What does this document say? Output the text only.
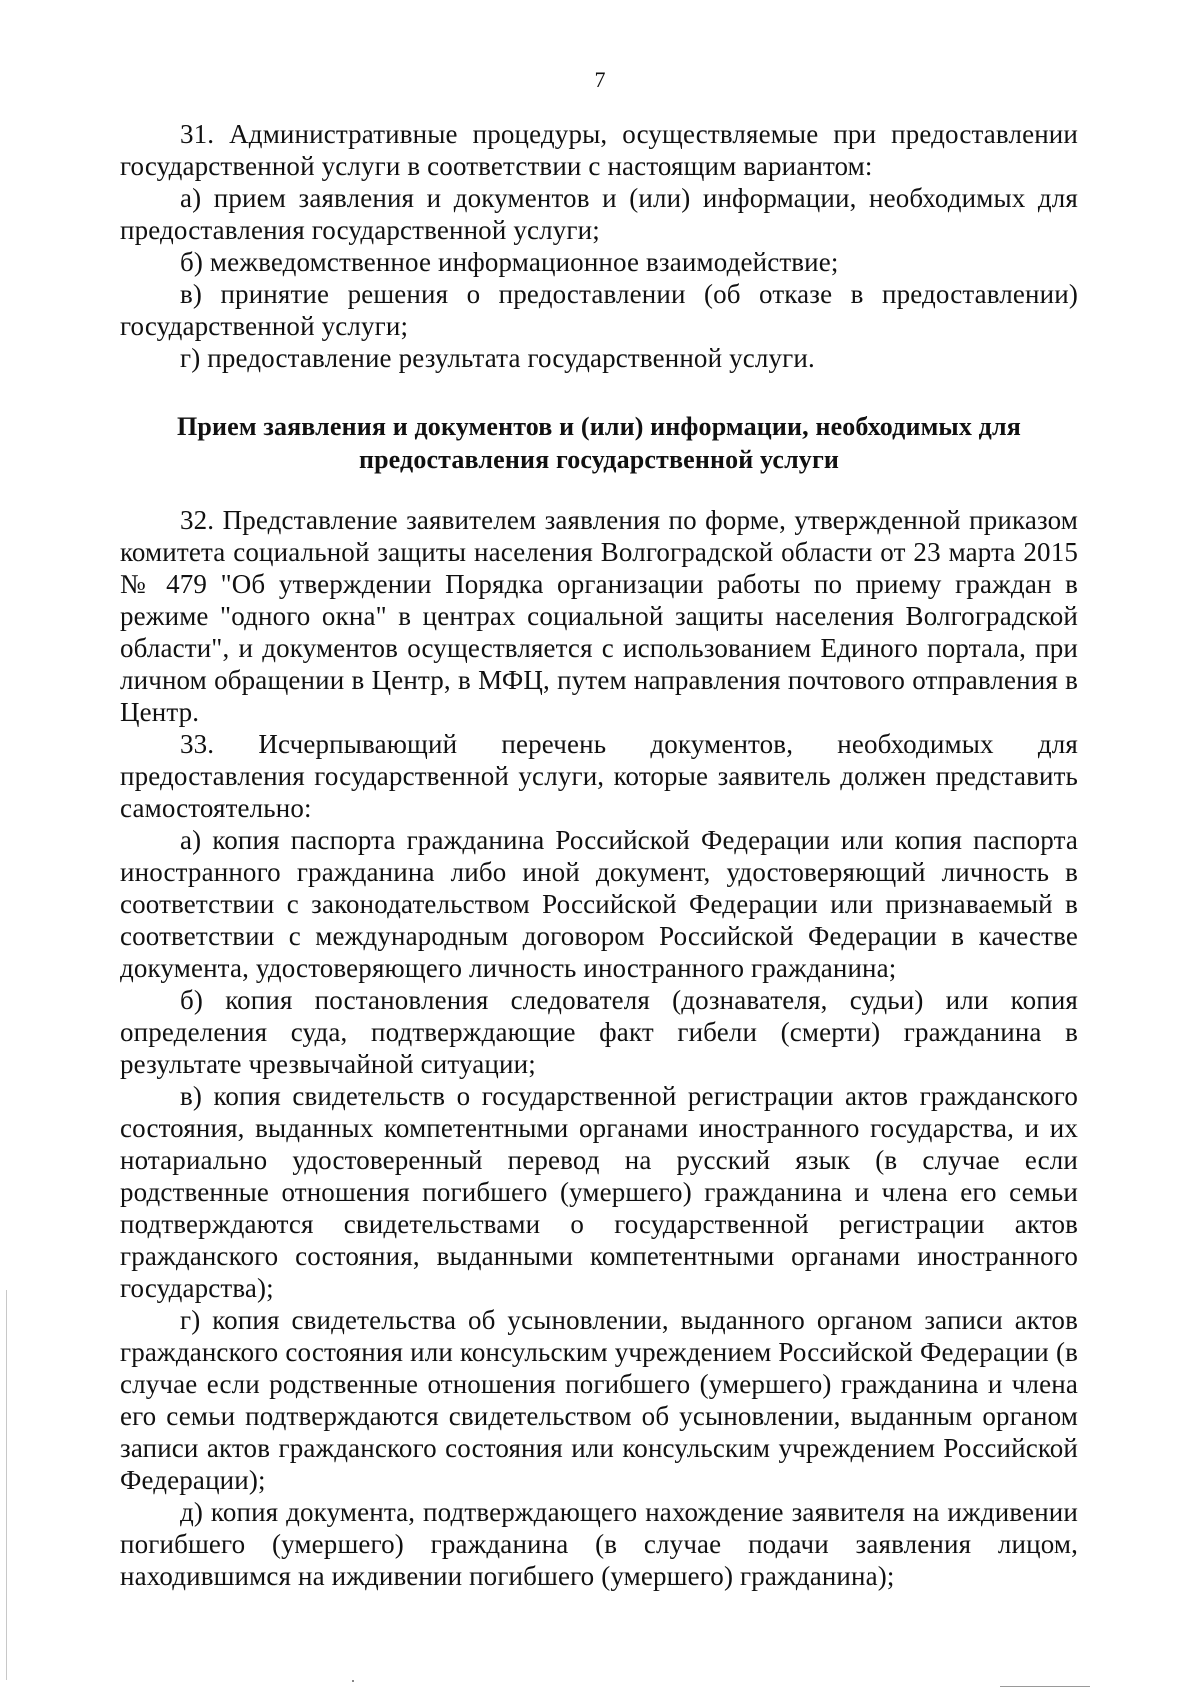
7

31. Административные процедуры, осуществляемые при предоставлении государственной услуги в соответствии с настоящим вариантом:

а) прием заявления и документов и (или) информации, необходимых для предоставления государственной услуги;

б) межведомственное информационное взаимодействие;

в) принятие решения о предоставлении (об отказе в предоставлении) государственной услуги;

г) предоставление результата государственной услуги.

Прием заявления и документов и (или) информации, необходимых для предоставления государственной услуги

32. Представление заявителем заявления по форме, утвержденной приказом комитета социальной защиты населения Волгоградской области от 23 марта 2015 № 479 "Об утверждении Порядка организации работы по приему граждан в режиме "одного окна" в центрах социальной защиты населения Волгоградской области", и документов осуществляется с использованием Единого портала, при личном обращении в Центр, в МФЦ, путем направления почтового отправления в Центр.

33. Исчерпывающий перечень документов, необходимых для предоставления государственной услуги, которые заявитель должен представить самостоятельно:

а) копия паспорта гражданина Российской Федерации или копия паспорта иностранного гражданина либо иной документ, удостоверяющий личность в соответствии с законодательством Российской Федерации или признаваемый в соответствии с международным договором Российской Федерации в качестве документа, удостоверяющего личность иностранного гражданина;

б) копия постановления следователя (дознавателя, судьи) или копия определения суда, подтверждающие факт гибели (смерти) гражданина в результате чрезвычайной ситуации;

в) копия свидетельств о государственной регистрации актов гражданского состояния, выданных компетентными органами иностранного государства, и их нотариально удостоверенный перевод на русский язык (в случае если родственные отношения погибшего (умершего) гражданина и члена его семьи подтверждаются свидетельствами о государственной регистрации актов гражданского состояния, выданными компетентными органами иностранного государства);

г) копия свидетельства об усыновлении, выданного органом записи актов гражданского состояния или консульским учреждением Российской Федерации (в случае если родственные отношения погибшего (умершего) гражданина и члена его семьи подтверждаются свидетельством об усыновлении, выданным органом записи актов гражданского состояния или консульским учреждением Российской Федерации);

д) копия документа, подтверждающего нахождение заявителя на иждивении погибшего (умершего) гражданина (в случае подачи заявления лицом, находившимся на иждивении погибшего (умершего) гражданина);
